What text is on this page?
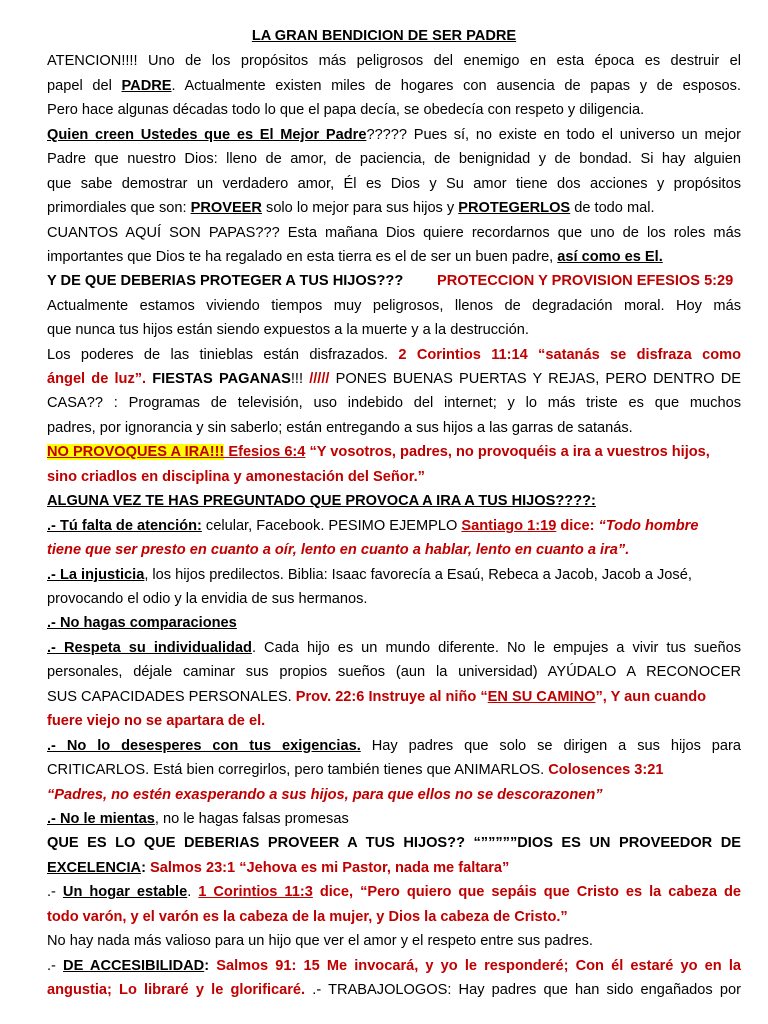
LA GRAN BENDICION DE SER PADRE
ATENCION!!!! Uno de los propósitos más peligrosos del enemigo en esta época es destruir el
papel del PADRE. Actualmente existen miles de hogares con ausencia de papas y de esposos.
Pero hace algunas décadas todo lo que el papa decía, se obedecía con respeto y diligencia.
Quien creen Ustedes que es El Mejor Padre????? Pues sí, no existe en todo el universo un mejor
Padre que nuestro Dios: lleno de amor, de paciencia, de benignidad y de bondad. Si hay alguien
que sabe demostrar un verdadero amor, Él es Dios y Su amor tiene dos acciones y propósitos
primordiales que son: PROVEER solo lo mejor para sus hijos y PROTEGERLOS de todo mal.
CUANTOS AQUÍ SON PAPAS??? Esta mañana Dios quiere recordarnos que uno de los roles más
importantes que Dios te ha regalado en esta tierra es el de ser un buen padre, así como es El.
Y DE QUE DEBERIAS PROTEGER A TUS HIJOS??? PROTECCION Y PROVISION EFESIOS 5:29
Actualmente estamos viviendo tiempos muy peligrosos, llenos de degradación moral. Hoy más
que nunca tus hijos están siendo expuestos a la muerte y a la destrucción.
Los poderes de las tinieblas están disfrazados. 2 Corintios 11:14 “satanás se disfraza como
ángel de luz”. FIESTAS PAGANAS!!! ///// PONES BUENAS PUERTAS Y REJAS, PERO DENTRO DE
CASA?? : Programas de televisión, uso indebido del internet; y lo más triste es que muchos
padres, por ignorancia y sin saberlo; están entregando a sus hijos a las garras de satanás.
NO PROVOQUES A IRA!!! Efesios 6:4 “Y vosotros, padres, no provoquéis a ira a vuestros hijos,
sino criadlos en disciplina y amonestación del Señor.”
ALGUNA VEZ TE HAS PREGUNTADO QUE PROVOCA A IRA A TUS HIJOS????:
.- Tú falta de atención: celular, Facebook. PESIMO EJEMPLO Santiago 1:19 dice: “Todo hombre
tiene que ser presto en cuanto a oír, lento en cuanto a hablar, lento en cuanto a ira”.
.- La injusticia, los hijos predilectos. Biblia: Isaac favorecía a Esaú, Rebeca a Jacob, Jacob a José,
provocando el odio y la envidia de sus hermanos.
.- No hagas comparaciones
.- Respeta su individualidad. Cada hijo es un mundo diferente. No le empujes a vivir tus sueños
personales, déjale caminar sus propios sueños (aun la universidad) AYÚDALO A RECONOCER
SUS CAPACIDADES PERSONALES. Prov. 22:6 Instruye al niño “EN SU CAMINO”, Y aun cuando
fuere viejo no se apartara de el.
.- No lo desesperes con tus exigencias. Hay padres que solo se dirigen a sus hijos para
CRITICARLOS. Está bien corregirlos, pero también tienes que ANIMARLOS. Colosences 3:21
“Padres, no estén exasperando a sus hijos, para que ellos no se descorazonen”
.- No le mientas, no le hagas falsas promesas
QUE ES LO QUE DEBERIAS PROVEER A TUS HIJOS?? “”””””DIOS ES UN PROVEEDOR DE
EXCELENCIA: Salmos 23:1 “Jehova es mi Pastor, nada me faltara”
.- Un hogar estable. 1 Corintios 11:3 dice, “Pero quiero que sepáis que Cristo es la cabeza de
todo varón, y el varón es la cabeza de la mujer, y Dios la cabeza de Cristo.”
No hay nada más valioso para un hijo que ver el amor y el respeto entre sus padres.
.- DE ACCESIBILIDAD: Salmos 91: 15 Me invocará, y yo le responderé; Con él estaré yo en la
angustia; Lo libraré y le glorificaré. .- TRABAJOLOGOS: Hay padres que han sido engañados por
